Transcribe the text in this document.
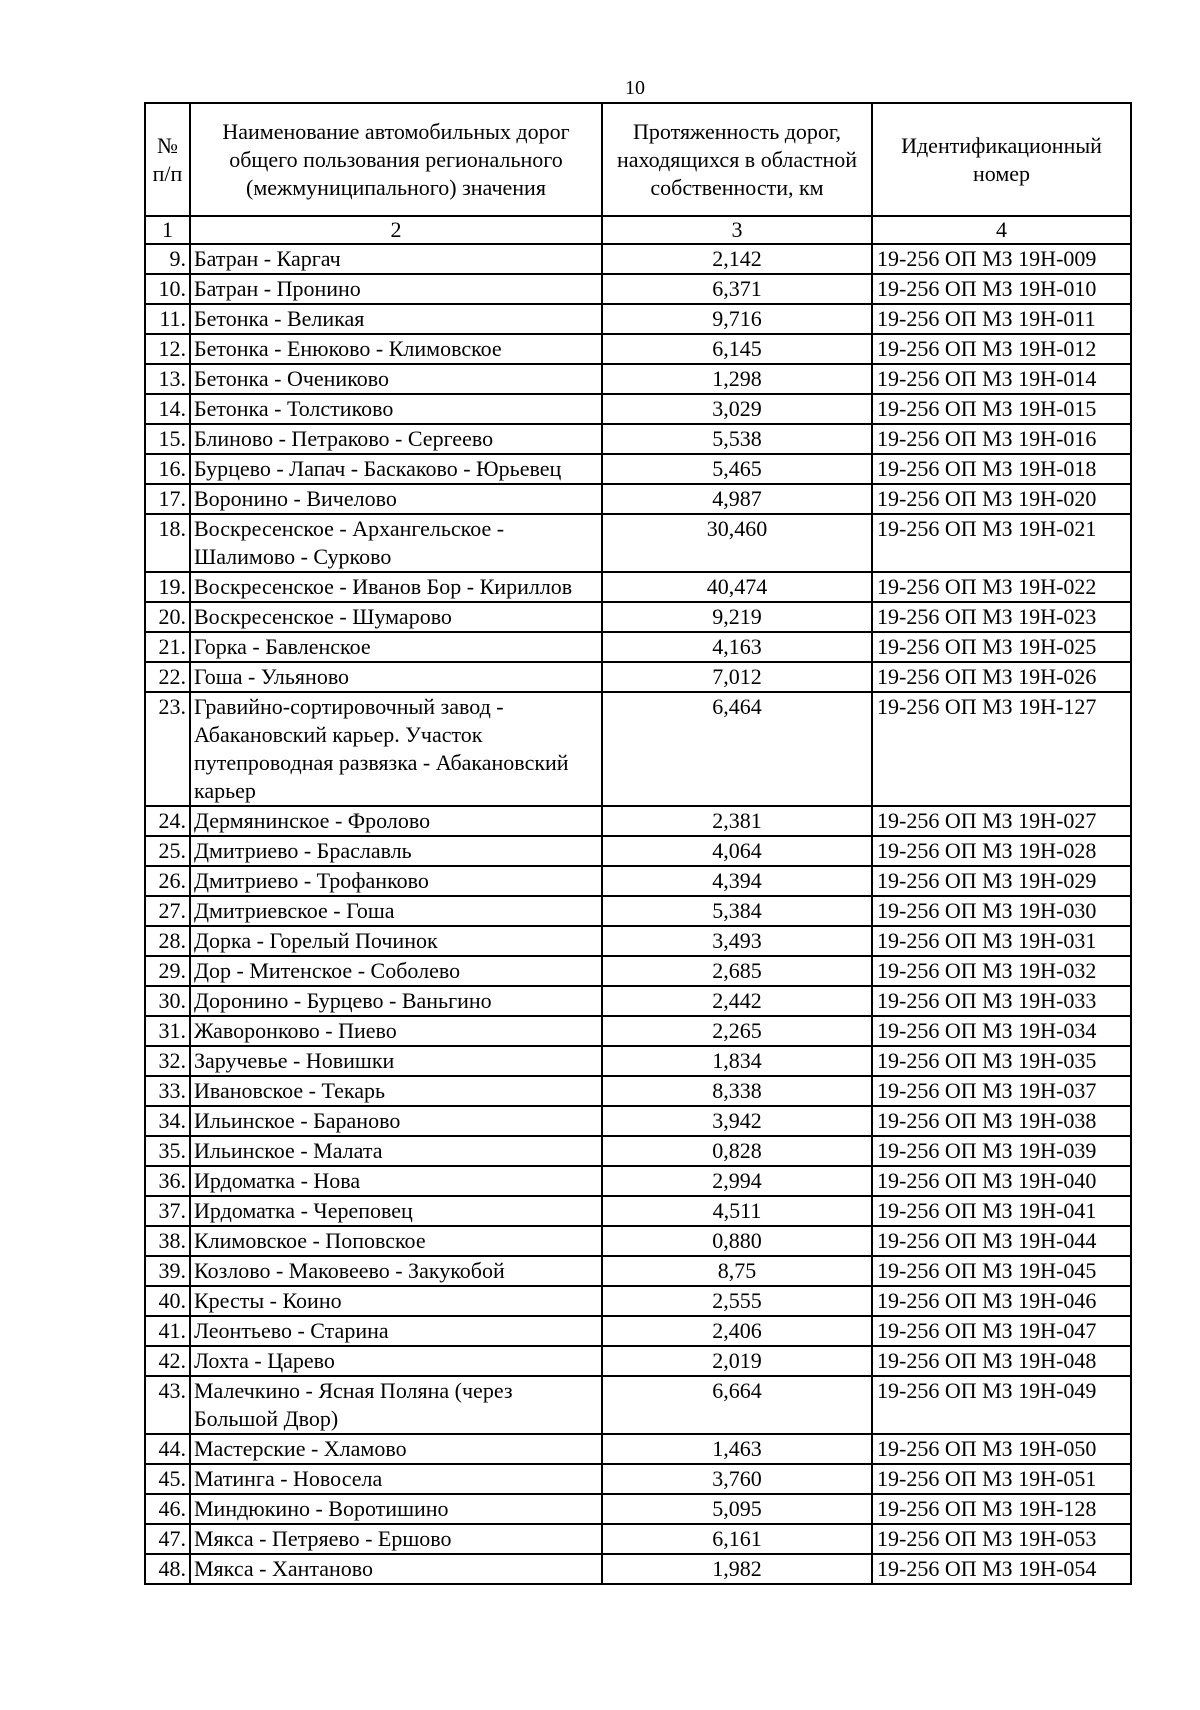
10
№ п/п	Наименование автомобильных дорог общего пользования регионального (межмуниципального) значения	Протяженность дорог, находящихся в областной собственности, км	Идентификационный номер
1	2	3	4
9.	Батран - Каргач	2,142	19-256 ОП МЗ 19Н-009
10.	Батран - Пронино	6,371	19-256 ОП МЗ 19Н-010
11.	Бетонка - Великая	9,716	19-256 ОП МЗ 19Н-011
12.	Бетонка - Енюково - Климовское	6,145	19-256 ОП МЗ 19Н-012
13.	Бетонка - Очениково	1,298	19-256 ОП МЗ 19Н-014
14.	Бетонка - Толстиково	3,029	19-256 ОП МЗ 19Н-015
15.	Блиново - Петраково - Сергеево	5,538	19-256 ОП МЗ 19Н-016
16.	Бурцево - Лапач - Баскаково - Юрьевец	5,465	19-256 ОП МЗ 19Н-018
17.	Воронино - Вичелово	4,987	19-256 ОП МЗ 19Н-020
18.	Воскресенское - Архангельское - Шалимово - Сурково	30,460	19-256 ОП МЗ 19Н-021
19.	Воскресенское - Иванов Бор - Кириллов	40,474	19-256 ОП МЗ 19Н-022
20.	Воскресенское - Шумарово	9,219	19-256 ОП МЗ 19Н-023
21.	Горка - Бавленское	4,163	19-256 ОП МЗ 19Н-025
22.	Гоша - Ульяново	7,012	19-256 ОП МЗ 19Н-026
23.	Гравийно-сортировочный завод - Абакановский карьер. Участок путепроводная развязка - Абакановский карьер	6,464	19-256 ОП МЗ 19Н-127
24.	Дермянинское - Фролово	2,381	19-256 ОП МЗ 19Н-027
25.	Дмитриево - Браславль	4,064	19-256 ОП МЗ 19Н-028
26.	Дмитриево - Трофанково	4,394	19-256 ОП МЗ 19Н-029
27.	Дмитриевское - Гоша	5,384	19-256 ОП МЗ 19Н-030
28.	Дорка - Горелый Починок	3,493	19-256 ОП МЗ 19Н-031
29.	Дор - Митенское - Соболево	2,685	19-256 ОП МЗ 19Н-032
30.	Доронино - Бурцево - Ваньгино	2,442	19-256 ОП МЗ 19Н-033
31.	Жаворонково - Пиево	2,265	19-256 ОП МЗ 19Н-034
32.	Заручевье - Новишки	1,834	19-256 ОП МЗ 19Н-035
33.	Ивановское - Текарь	8,338	19-256 ОП МЗ 19Н-037
34.	Ильинское - Бараново	3,942	19-256 ОП МЗ 19Н-038
35.	Ильинское - Малата	0,828	19-256 ОП МЗ 19Н-039
36.	Ирдоматка - Нова	2,994	19-256 ОП МЗ 19Н-040
37.	Ирдоматка - Череповец	4,511	19-256 ОП МЗ 19Н-041
38.	Климовское - Поповское	0,880	19-256 ОП МЗ 19Н-044
39.	Козлово - Маковеево - Закукобой	8,75	19-256 ОП МЗ 19Н-045
40.	Кресты - Коино	2,555	19-256 ОП МЗ 19Н-046
41.	Леонтьево - Старина	2,406	19-256 ОП МЗ 19Н-047
42.	Лохта - Царево	2,019	19-256 ОП МЗ 19Н-048
43.	Малечкино - Ясная Поляна (через Большой Двор)	6,664	19-256 ОП МЗ 19Н-049
44.	Мастерские - Хламово	1,463	19-256 ОП МЗ 19Н-050
45.	Матинга - Новосела	3,760	19-256 ОП МЗ 19Н-051
46.	Миндюкино - Воротишино	5,095	19-256 ОП МЗ 19Н-128
47.	Мякса - Петряево - Ершово	6,161	19-256 ОП МЗ 19Н-053
48.	Мякса - Хантаново	1,982	19-256 ОП МЗ 19Н-054
